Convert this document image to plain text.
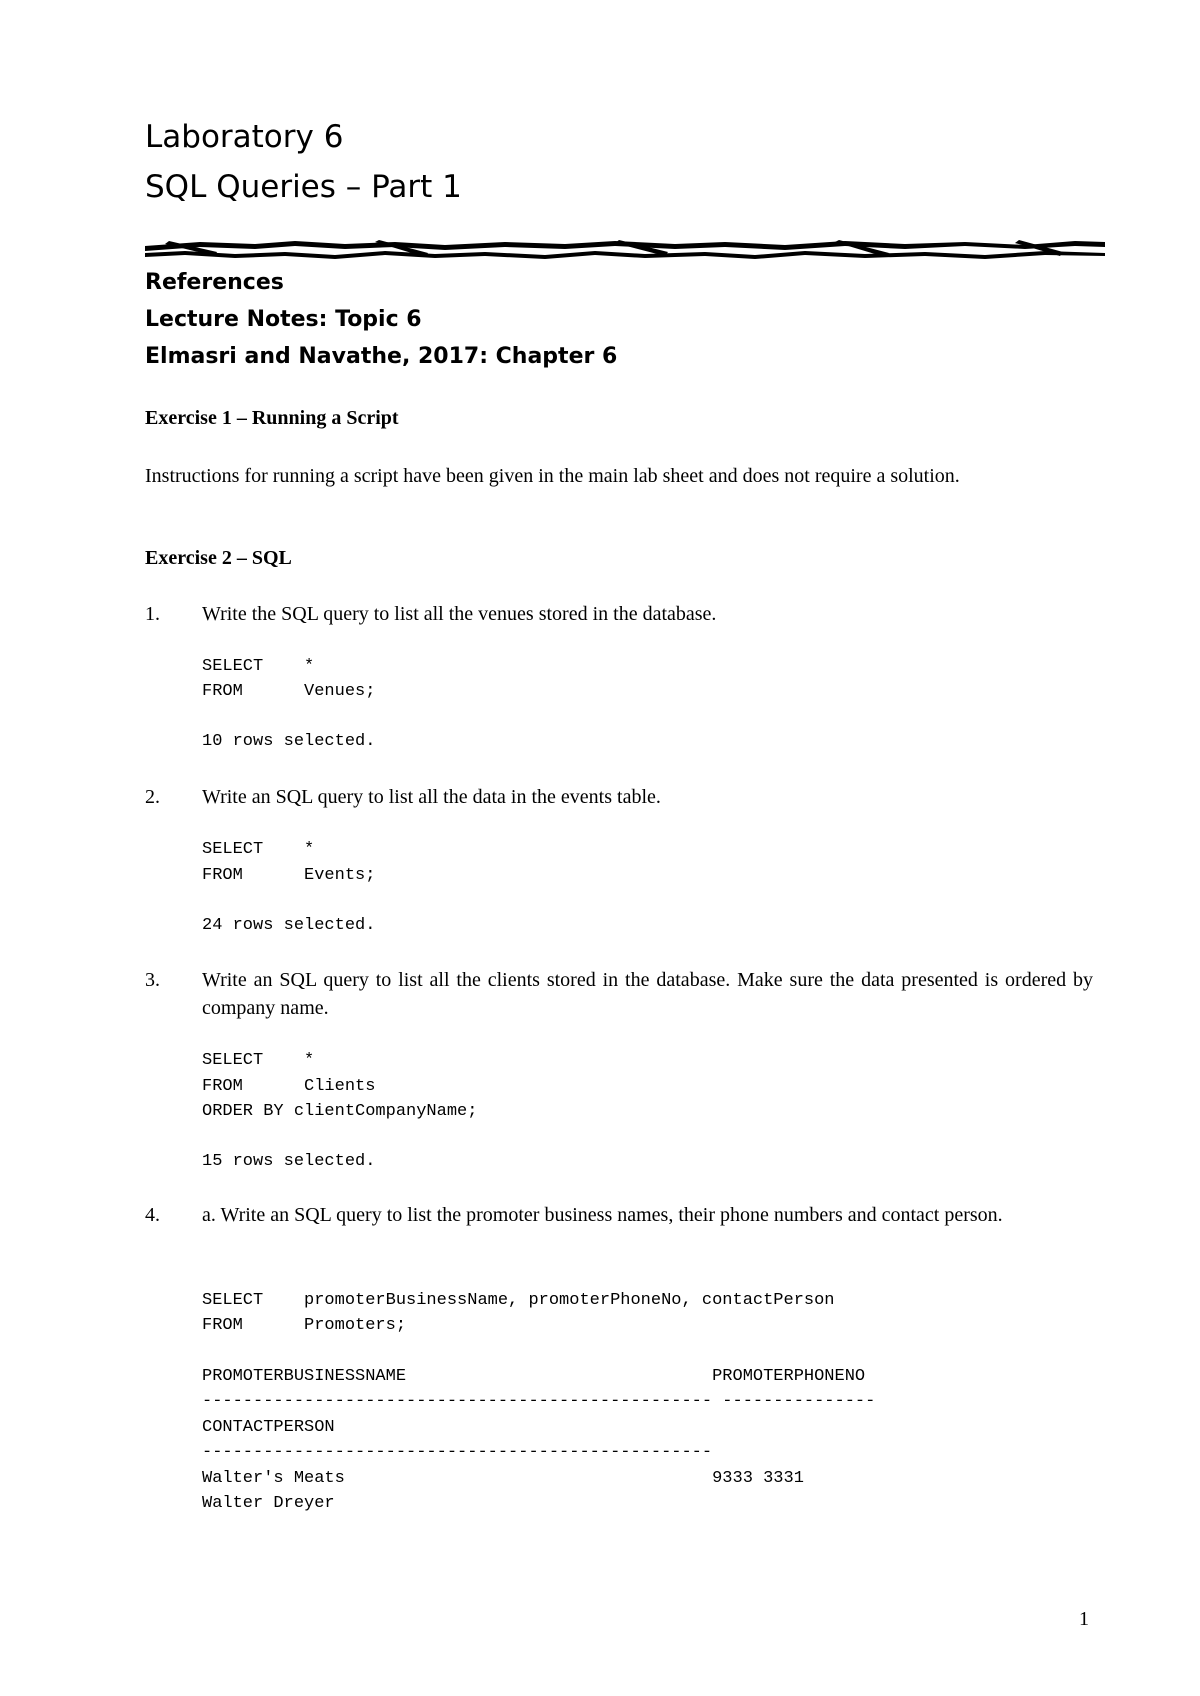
Laboratory 6
SQL Queries – Part 1
References
Lecture Notes: Topic 6
Elmasri and Navathe, 2017: Chapter 6
Exercise 1 – Running a Script
Instructions for running a script have been given in the main lab sheet and does not require a solution.
Exercise 2 – SQL
1. Write the SQL query to list all the venues stored in the database.
SELECT    *
FROM      Venues;
10 rows selected.
2. Write an SQL query to list all the data in the events table.
SELECT    *
FROM      Events;
24 rows selected.
3. Write an SQL query to list all the clients stored in the database. Make sure the data presented is ordered by company name.
SELECT    *
FROM      Clients
ORDER BY clientCompanyName;
15 rows selected.
4. a. Write an SQL query to list the promoter business names, their phone numbers and contact person.
SELECT    promoterBusinessName, promoterPhoneNo, contactPerson
FROM      Promoters;
PROMOTERBUSINESSNAME                              PROMOTERPHONENO
-------------------------------------------------- ---------------
CONTACTPERSON
--------------------------------------------------
Walter's Meats                                    9333 3331
Walter Dreyer
1
